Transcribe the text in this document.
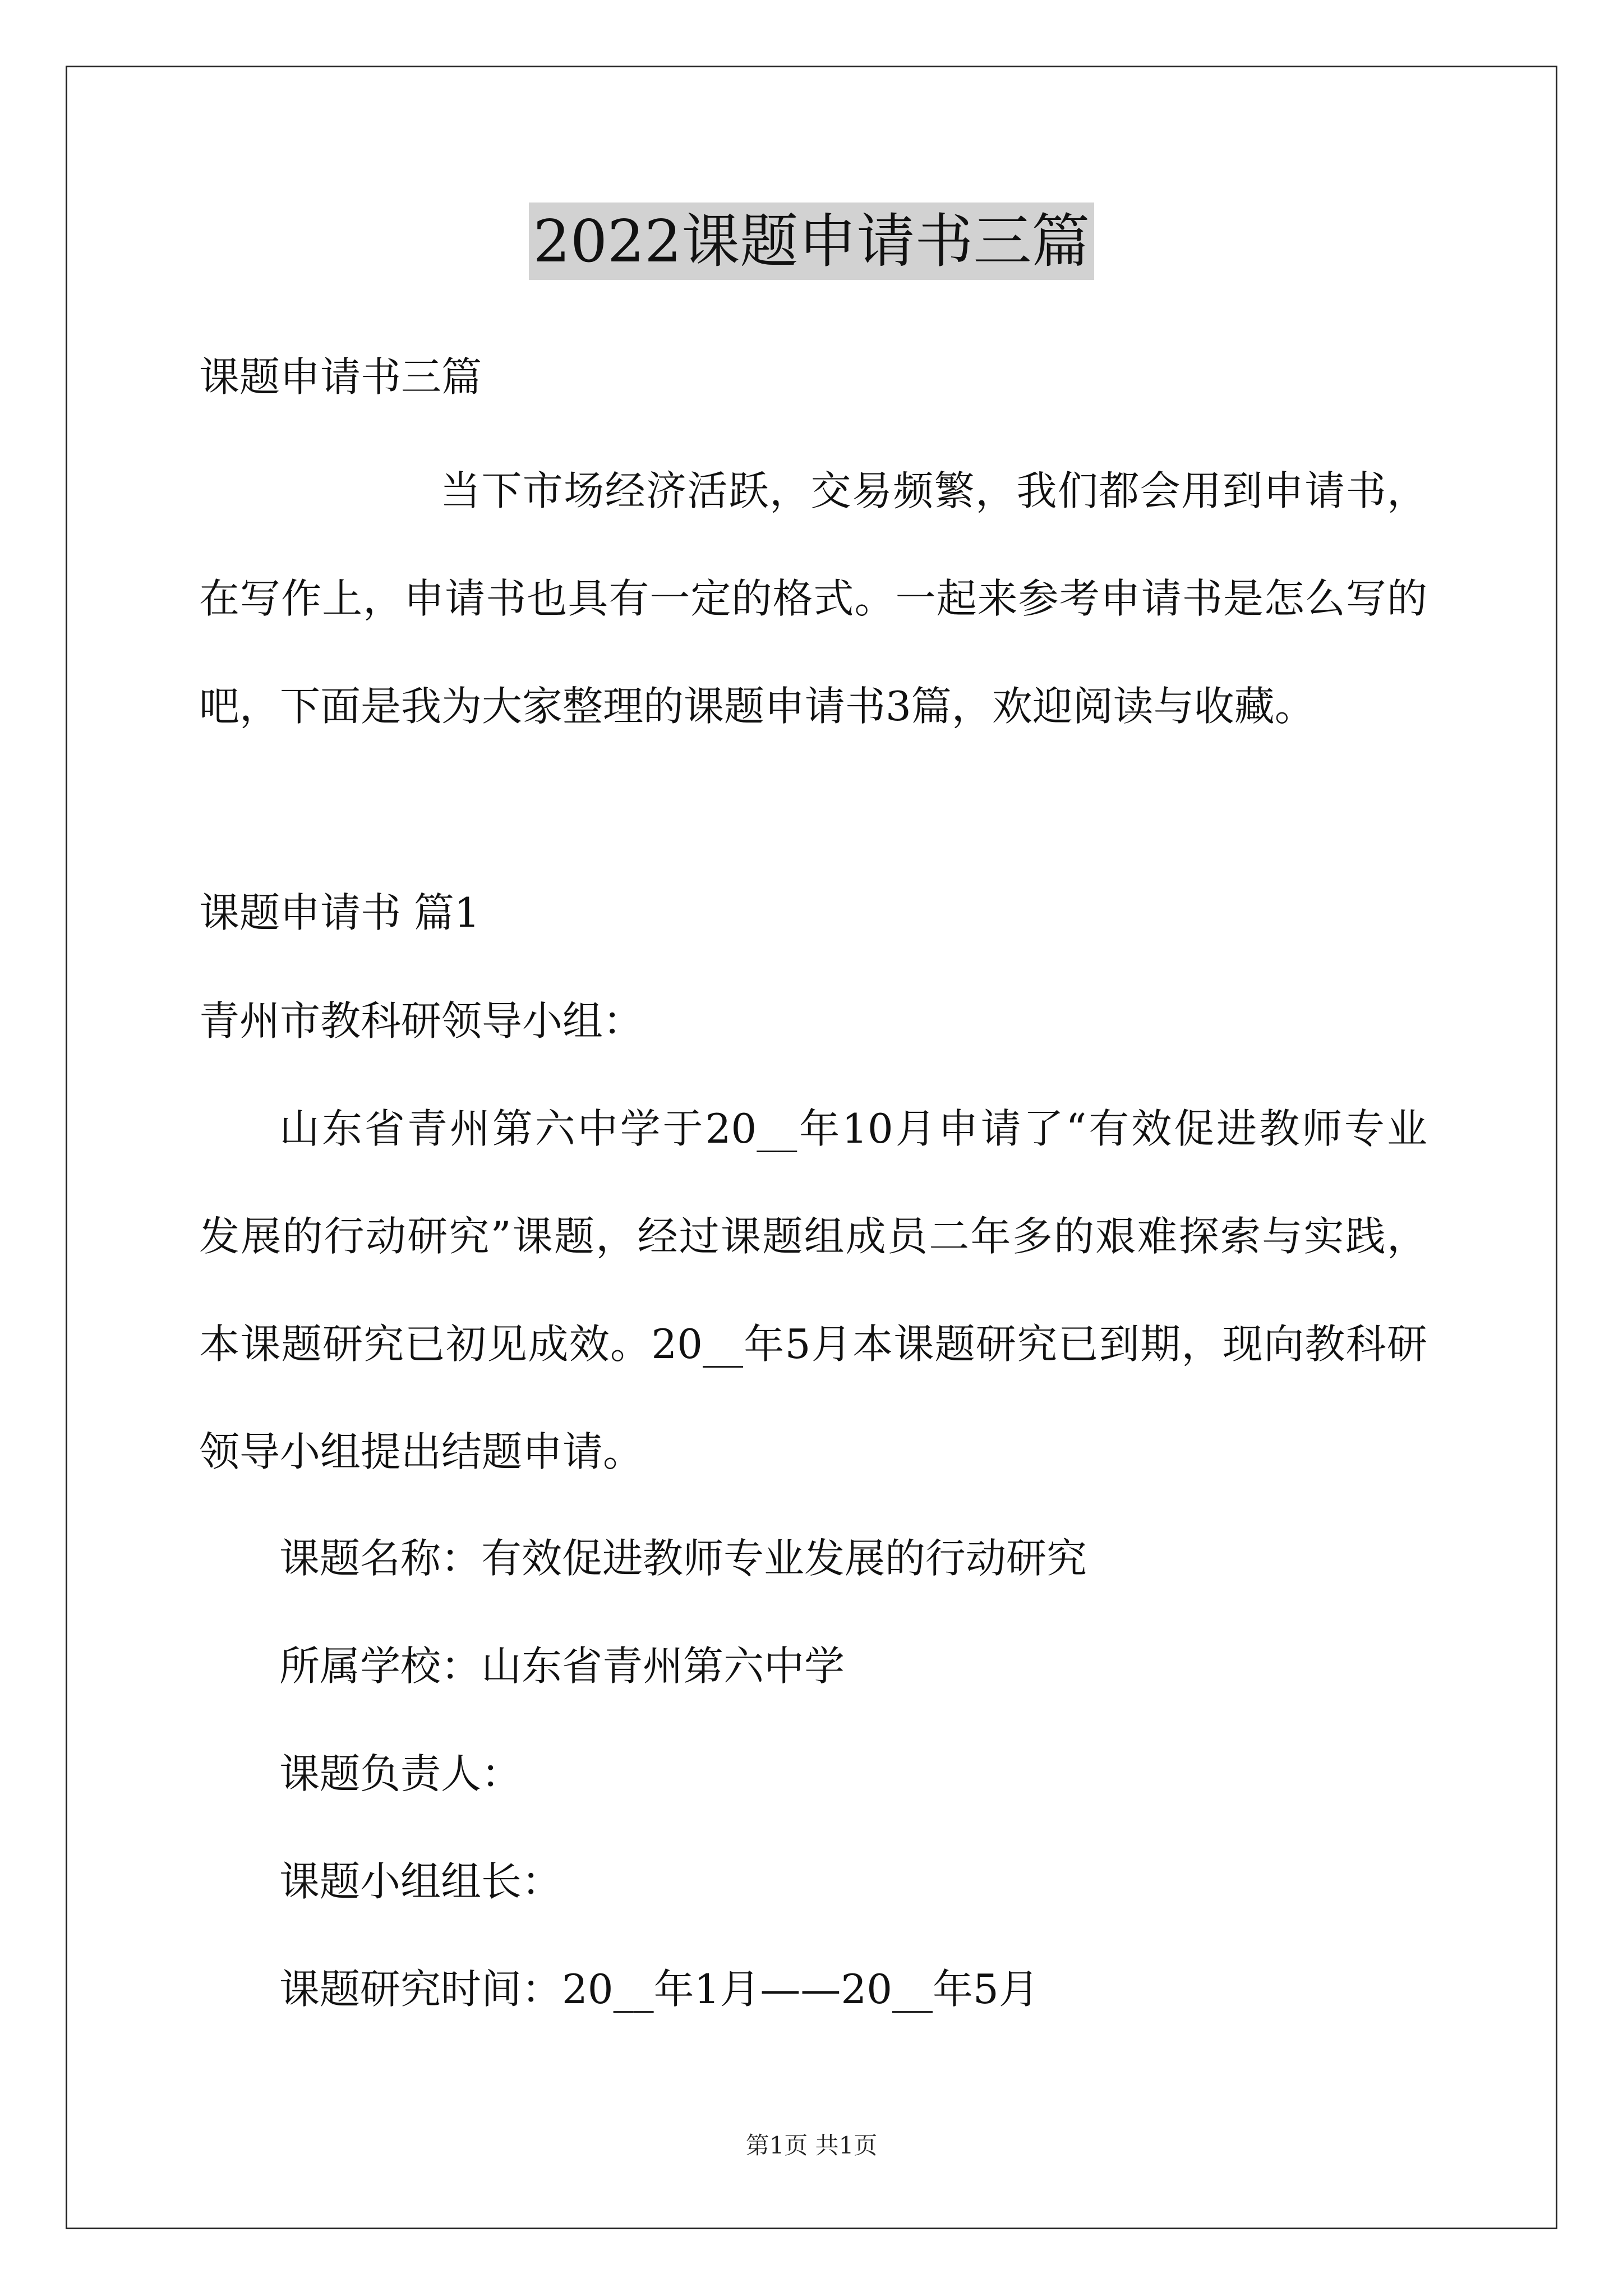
2022课题申请书三篇

课题申请书三篇

当下市场经济活跃，交易频繁，我们都会用到申请书，

在写作上，申请书也具有一定的格式。一起来参考申请书是怎么写的

吧，下面是我为大家整理的课题申请书3篇，欢迎阅读与收藏。

课题申请书 篇1

青州市教科研领导小组：

山东省青州第六中学于20__年10月申请了“有效促进教师专业

发展的行动研究”课题，经过课题组成员二年多的艰难探索与实践，

本课题研究已初见成效。20__年5月本课题研究已到期，现向教科研

领导小组提出结题申请。

课题名称：有效促进教师专业发展的行动研究

所属学校：山东省青州第六中学

课题负责人：

课题小组组长：

课题研究时间：20__年1月——20__年5月

第1页 共1页
